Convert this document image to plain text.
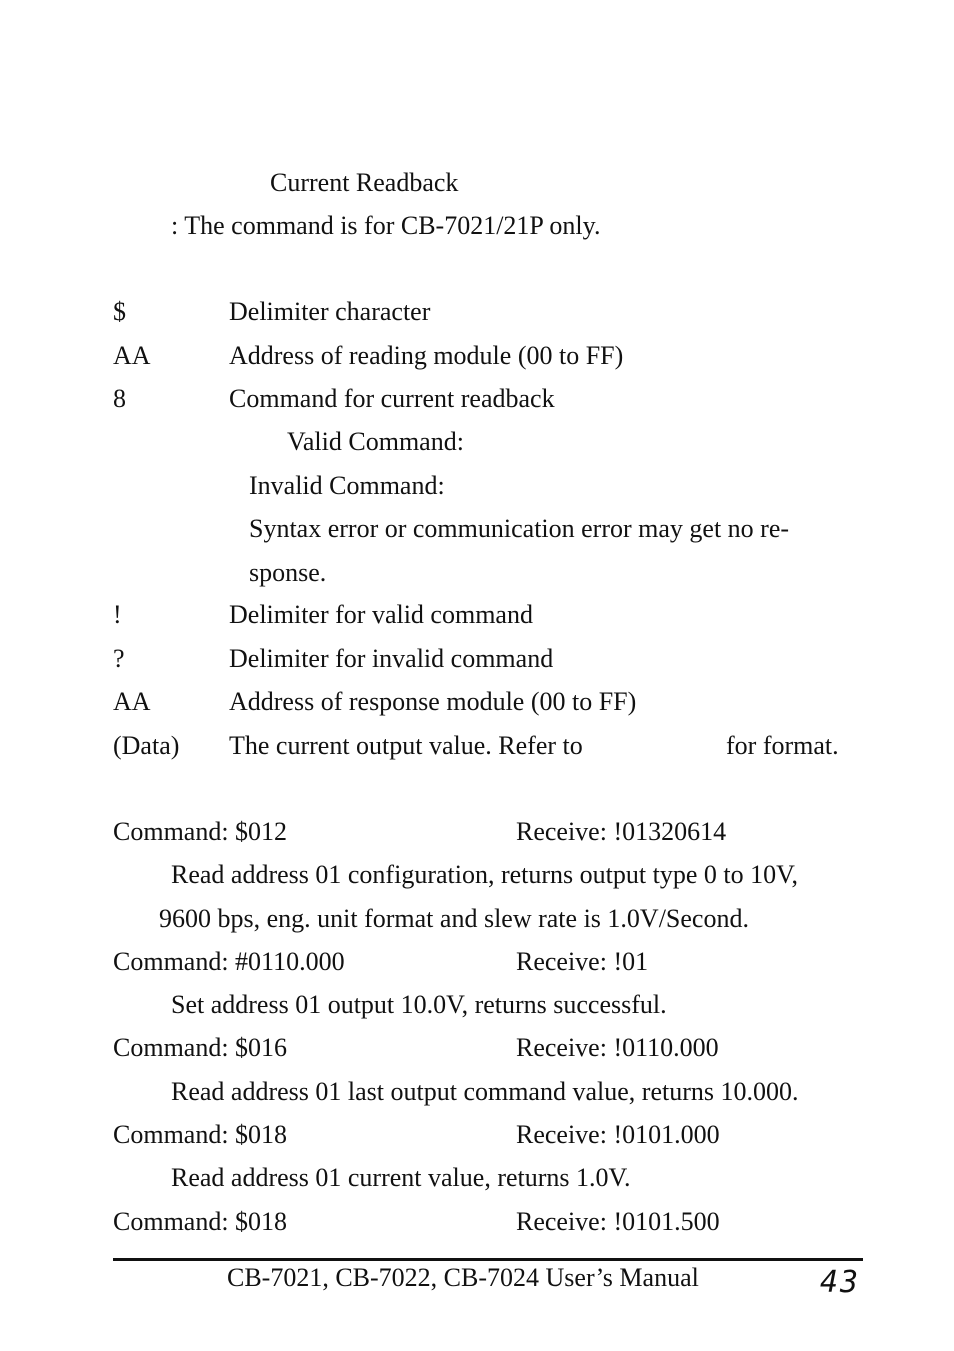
Current Readback
: The command is for CB-7021/21P only.
$	Delimiter character
AA	Address of reading module (00 to FF)
8	Command for current readback
Valid Command:
Invalid Command:
Syntax error or communication error may get no re-
sponse.
!	Delimiter for valid command
?	Delimiter for invalid command
AA	Address of response module (00 to FF)
(Data) The current output value. Refer to	for format.
Command: $012	Receive: !01320614
Read address 01 configuration, returns output type 0 to 10V,
9600 bps, eng. unit format and slew rate is 1.0V/Second.
Command: #0110.000	Receive: !01
Set address 01 output 10.0V, returns successful.
Command: $016	Receive: !0110.000
Read address 01 last output command value, returns 10.000.
Command: $018	Receive: !0101.000
Read address 01 current value, returns 1.0V.
Command: $018	Receive: !0101.500
CB-7021, CB-7022, CB-7024 User’s Manual	43
